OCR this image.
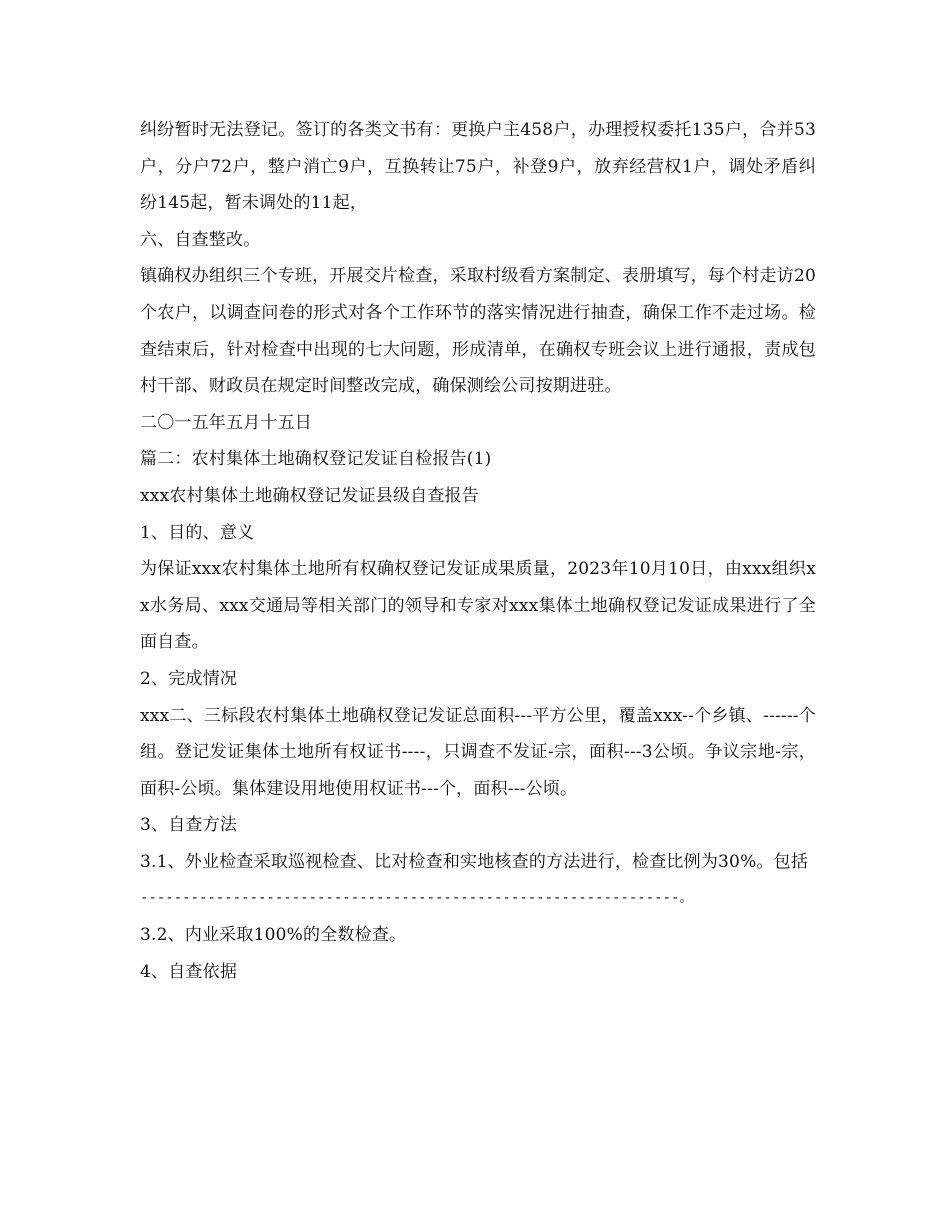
纠纷暂时无法登记。签订的各类文书有：更换户主458户，办理授权委托135户，合并53户，分户72户，整户消亡9户，互换转让75户，补登9户，放弃经营权1户，调处矛盾纠纷145起，暂未调处的11起，

六、自查整改。

镇确权办组织三个专班，开展交片检查，采取村级看方案制定、表册填写，每个村走访20个农户，以调查问卷的形式对各个工作环节的落实情况进行抽查，确保工作不走过场。检查结束后，针对检查中出现的七大问题，形成清单，在确权专班会议上进行通报，责成包村干部、财政员在规定时间整改完成，确保测绘公司按期进驻。

二〇一五年五月十五日

篇二：农村集体土地确权登记发证自检报告(1)

xxx农村集体土地确权登记发证县级自查报告

1、目的、意义

为保证xxx农村集体土地所有权确权登记发证成果质量，2023年10月10日，由xxx组织xx水务局、xxx交通局等相关部门的领导和专家对xxx集体土地确权登记发证成果进行了全面自查。

2、完成情况

xxx二、三标段农村集体土地确权登记发证总面积---平方公里，覆盖xxx--个乡镇、------个组。登记发证集体土地所有权证书----，只调查不发证-宗，面积---3公顷。争议宗地-宗，面积-公顷。集体建设用地使用权证书---个，面积---公顷。

3、自查方法

3.1、外业检查采取巡视检查、比对检查和实地核查的方法进行，检查比例为30%。包括

----------------------------------------------------------------。

3.2、内业采取100%的全数检查。

4、自查依据
